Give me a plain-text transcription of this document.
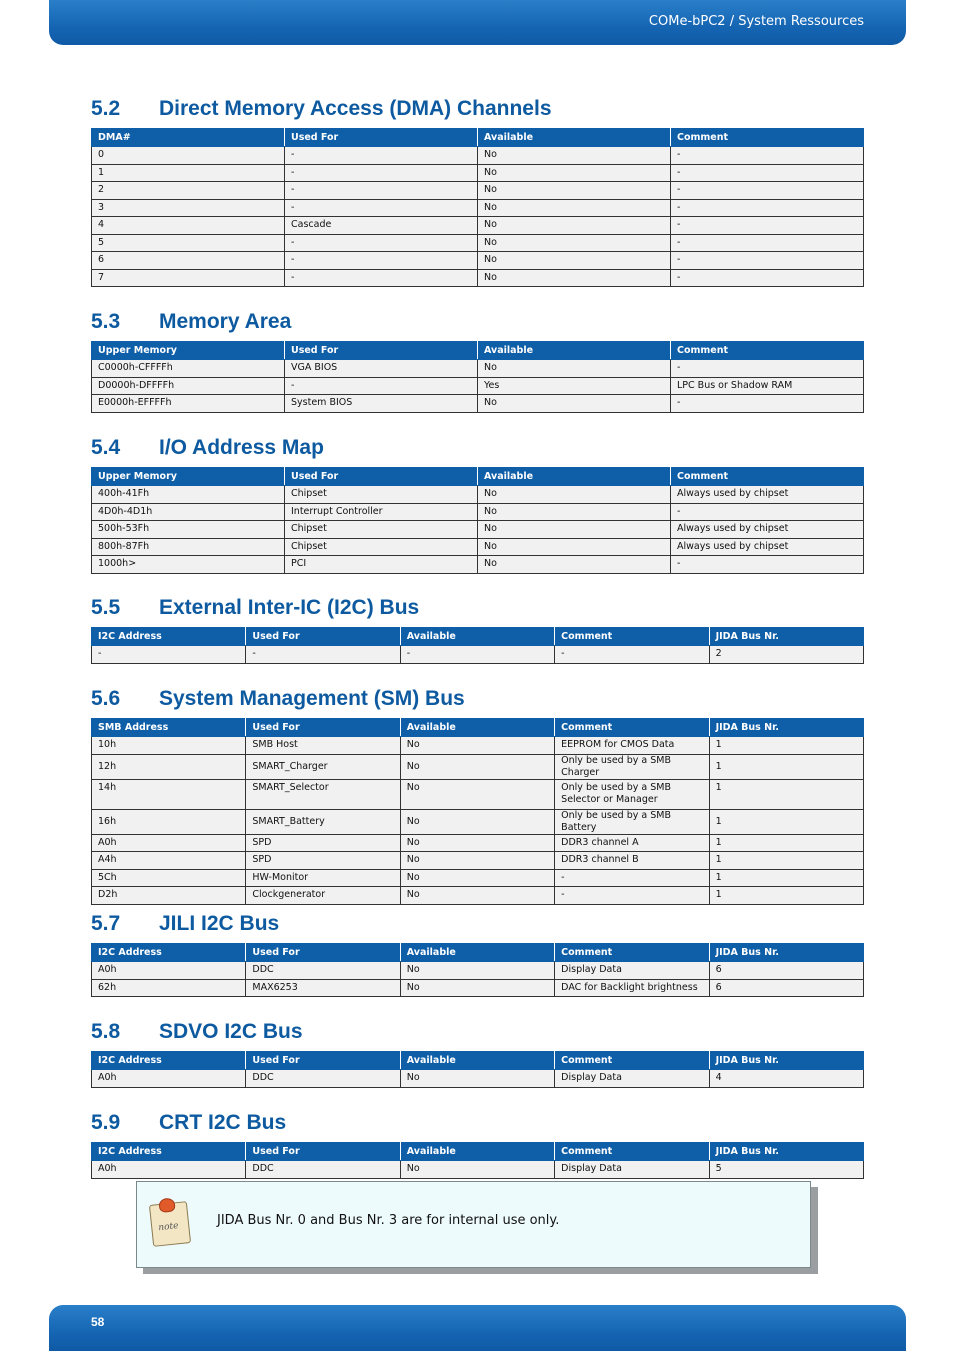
COMe-bPC2 / System Ressources
5.2	Direct Memory Access (DMA) Channels
DMA#	Used For	Available	Comment
0	-	No	-
1	-	No	-
2	-	No	-
3	-	No	-
4	Cascade	No	-
5	-	No	-
6	-	No	-
7	-	No	-
5.3	Memory Area
Upper Memory	Used For	Available	Comment
C0000h-CFFFFh	VGA BIOS	No	-
D0000h-DFFFFh	-	Yes	LPC Bus or Shadow RAM
E0000h-EFFFFh	System BIOS	No	-
5.4	I/O Address Map
Upper Memory	Used For	Available	Comment
400h-41Fh	Chipset	No	Always used by chipset
4D0h-4D1h	Interrupt Controller	No	-
500h-53Fh	Chipset	No	Always used by chipset
800h-87Fh	Chipset	No	Always used by chipset
1000h>	PCI	No	-
5.5	External Inter-IC (I2C) Bus
I2C Address	Used For	Available	Comment	JIDA Bus Nr.
-	-	-	-	2
5.6	System Management (SM) Bus
SMB Address	Used For	Available	Comment	JIDA Bus Nr.
10h	SMB Host	No	EEPROM for CMOS Data	1
12h	SMART_Charger	No	Only be used by a SMB Charger	1
14h	SMART_Selector	No	Only be used by a SMB Selector or Manager	1
16h	SMART_Battery	No	Only be used by a SMB Battery	1
A0h	SPD	No	DDR3 channel A	1
A4h	SPD	No	DDR3 channel B	1
5Ch	HW-Monitor	No	-	1
D2h	Clockgenerator	No	-	1
5.7	JILI I2C Bus
I2C Address	Used For	Available	Comment	JIDA Bus Nr.
A0h	DDC	No	Display Data	6
62h	MAX6253	No	DAC for Backlight brightness	6
5.8	SDVO I2C Bus
I2C Address	Used For	Available	Comment	JIDA Bus Nr.
A0h	DDC	No	Display Data	4
5.9	CRT I2C Bus
I2C Address	Used For	Available	Comment	JIDA Bus Nr.
A0h	DDC	No	Display Data	5
note	JIDA Bus Nr. 0 and Bus Nr. 3 are for internal use only.
58
